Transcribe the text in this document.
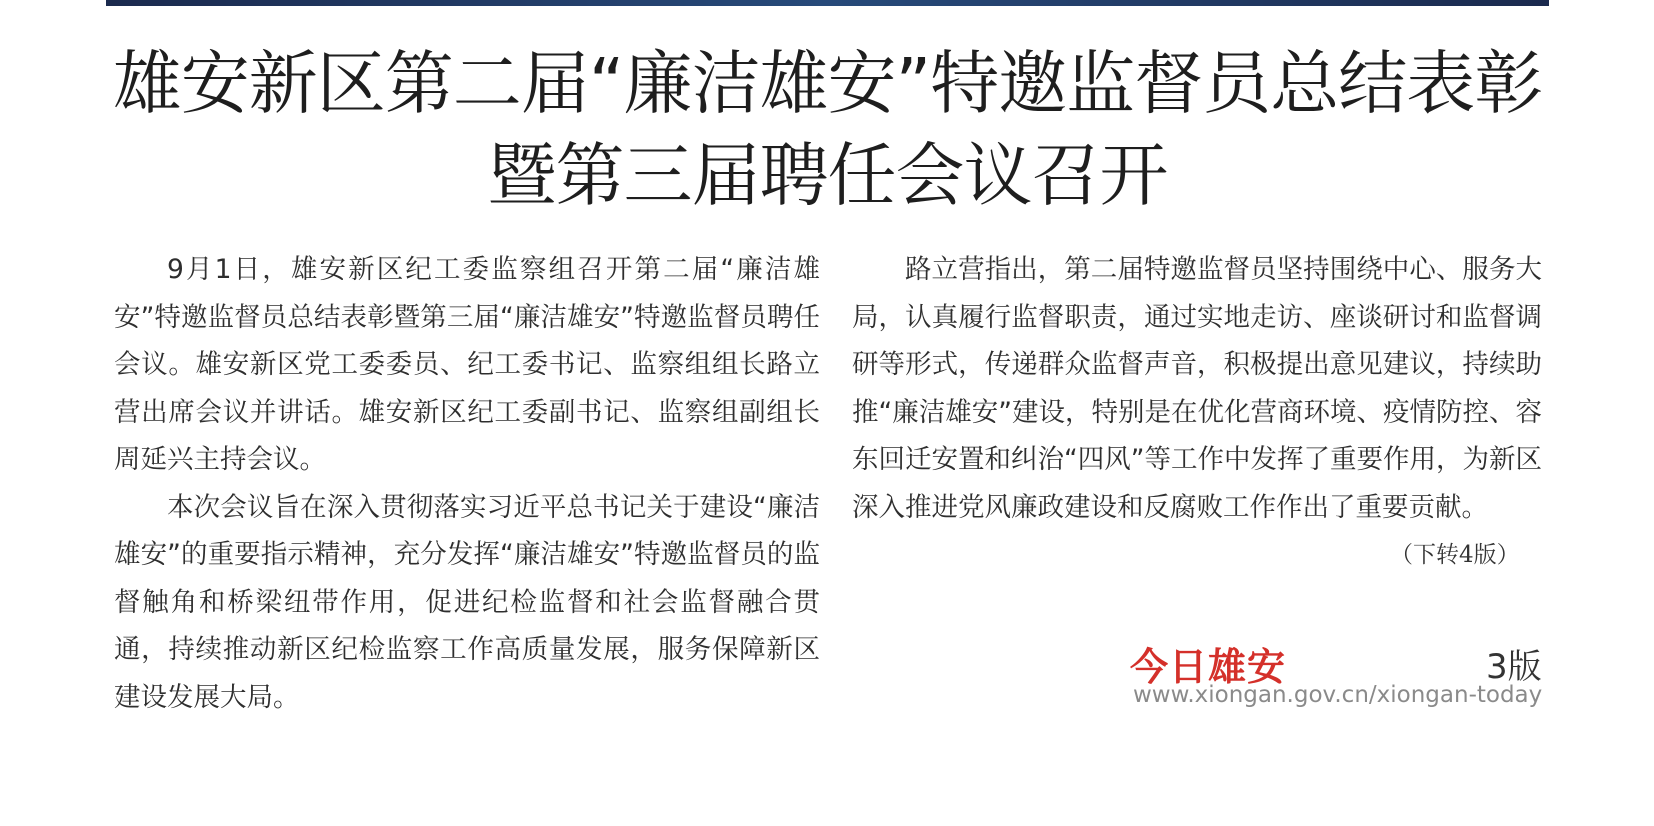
雄安新区第二届“廉洁雄安”特邀监督员总结表彰
暨第三届聘任会议召开

9月1日，雄安新区纪工委监察组召开第二届“廉洁雄安”特邀监督员总结表彰暨第三届“廉洁雄安”特邀监督员聘任会议。雄安新区党工委委员、纪工委书记、监察组组长路立营出席会议并讲话。雄安新区纪工委副书记、监察组副组长周延兴主持会议。

本次会议旨在深入贯彻落实习近平总书记关于建设“廉洁雄安”的重要指示精神，充分发挥“廉洁雄安”特邀监督员的监督触角和桥梁纽带作用，促进纪检监督和社会监督融合贯通，持续推动新区纪检监察工作高质量发展，服务保障新区建设发展大局。

路立营指出，第二届特邀监督员坚持围绕中心、服务大局，认真履行监督职责，通过实地走访、座谈研讨和监督调研等形式，传递群众监督声音，积极提出意见建议，持续助推“廉洁雄安”建设，特别是在优化营商环境、疫情防控、容东回迁安置和纠治“四风”等工作中发挥了重要作用，为新区深入推进党风廉政建设和反腐败工作作出了重要贡献。

（下转4版）
今日雄安	3版
www.xiongan.gov.cn/xiongan-today
